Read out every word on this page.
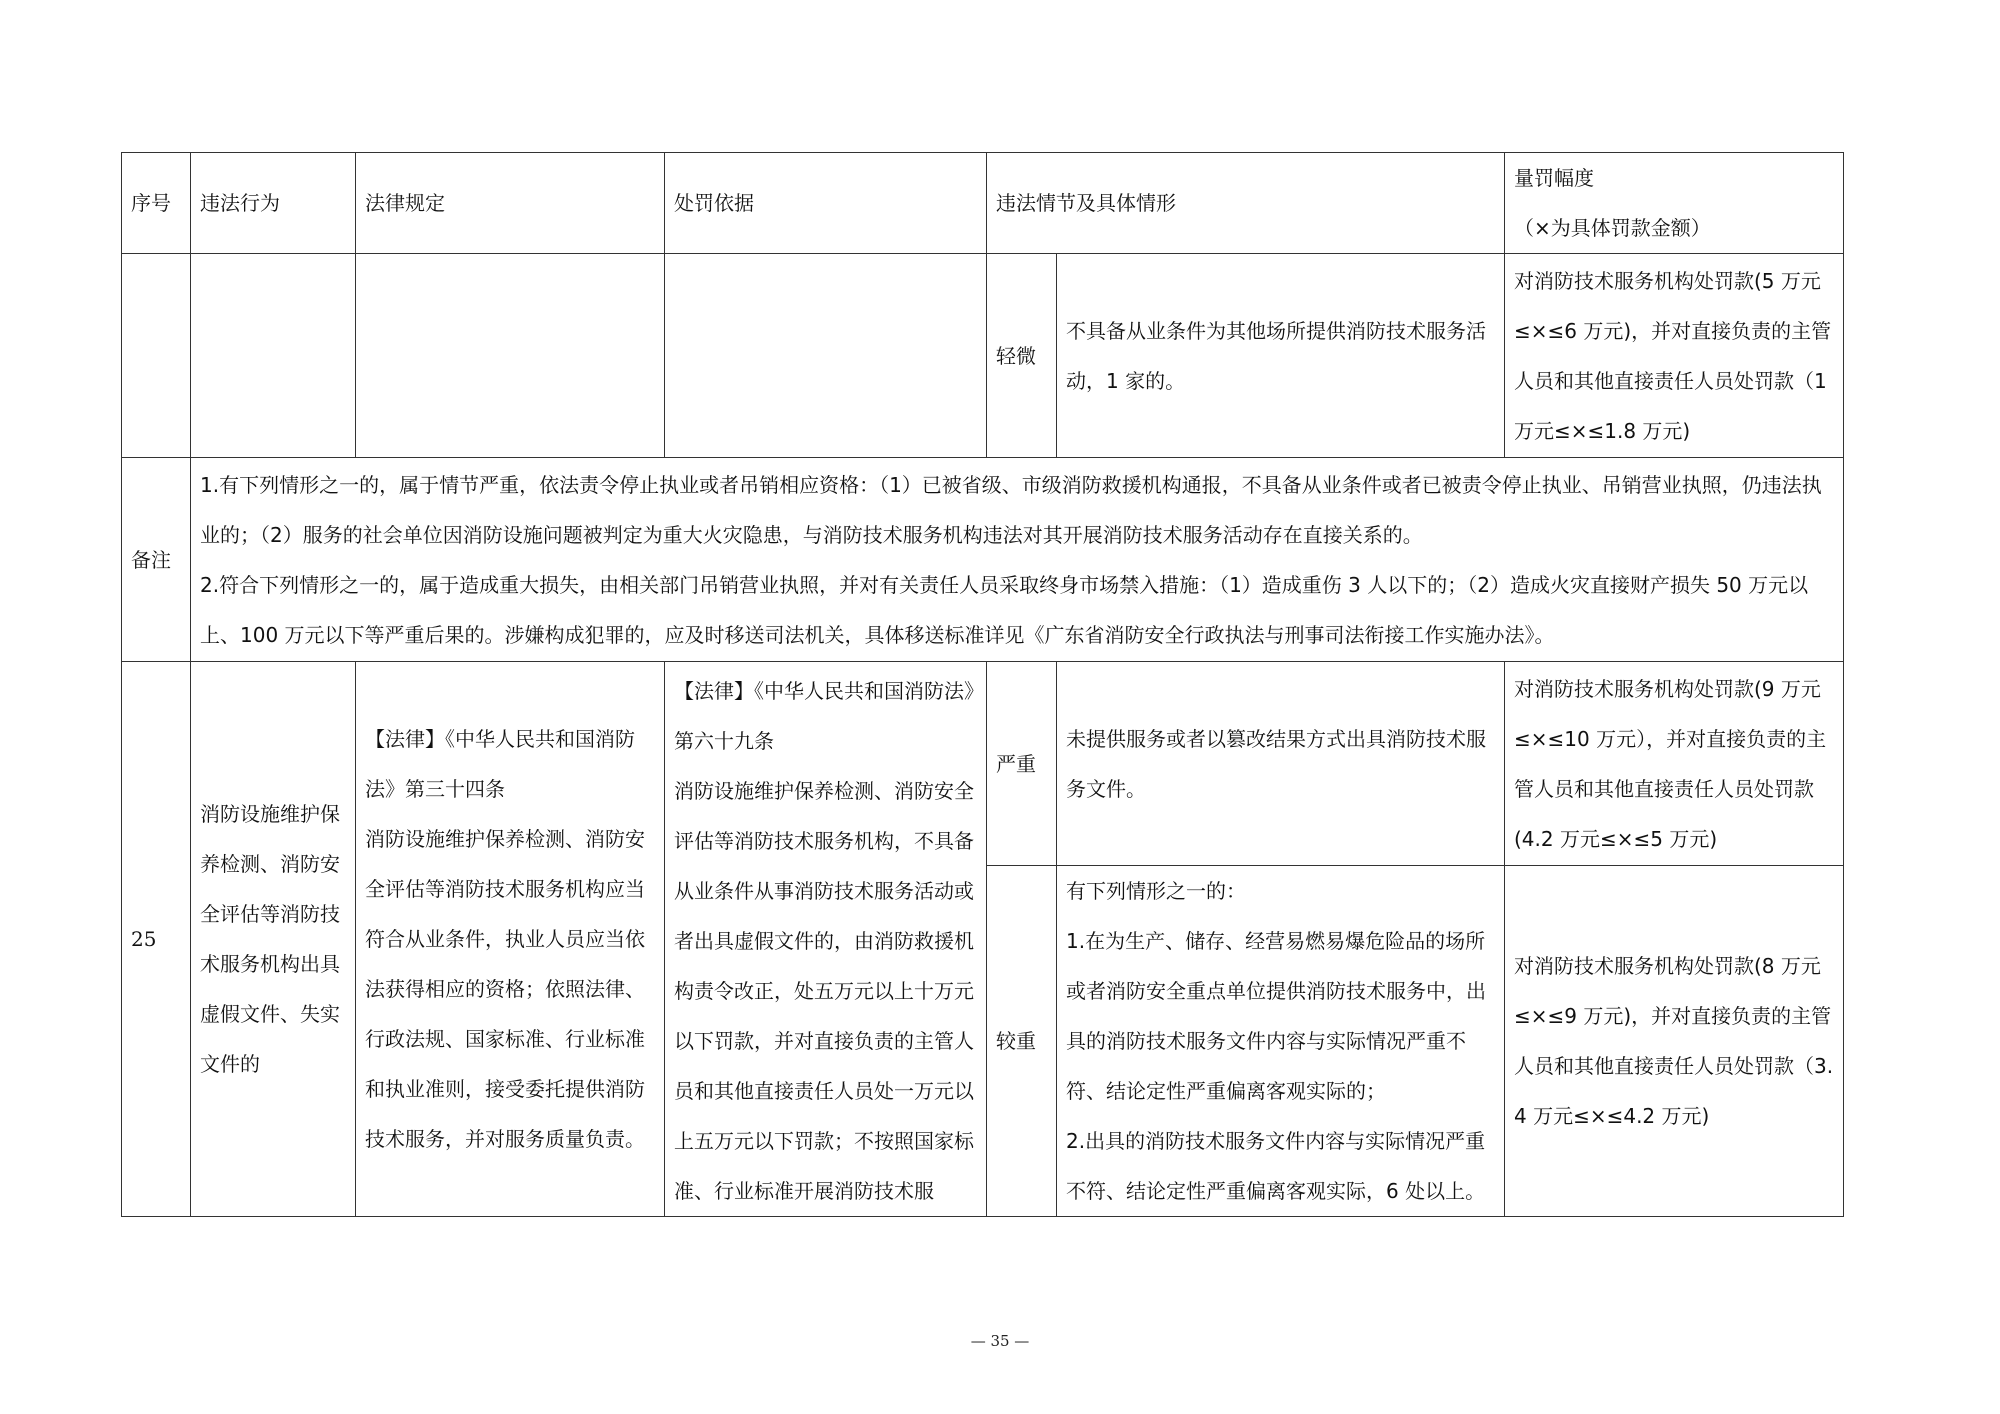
序号	违法行为	法律规定	处罚依据	违法情节及具体情形		量罚幅度
（×为具体罚款金额）

				轻微	不具备从业条件为其他场所提供消防技术服务活动，1 家的。	对消防技术服务机构处罚款(5 万元≤×≤6 万元)，并对直接负责的主管人员和其他直接责任人员处罚款（1 万元≤×≤1.8 万元)
备注	1.有下列情形之一的，属于情节严重，依法责令停止执业或者吊销相应资格：（1）已被省级、市级消防救援机构通报，不具备从业条件或者已被责令停止执业、吊销营业执照，仍违法执业的；（2）服务的社会单位因消防设施问题被判定为重大火灾隐患，与消防技术服务机构违法对其开展消防技术服务活动存在直接关系的。
2.符合下列情形之一的，属于造成重大损失，由相关部门吊销营业执照，并对有关责任人员采取终身市场禁入措施：（1）造成重伤 3 人以下的；（2）造成火灾直接财产损失 50 万元以上、100 万元以下等严重后果的。涉嫌构成犯罪的，应及时移送司法机关，具体移送标准详见《广东省消防安全行政执法与刑事司法衔接工作实施办法》。					

25	消防设施维护保养检测、消防安全评估等消防技术服务机构出具虚假文件、失实文件的	【法律】《中华人民共和国消防法》第三十四条
消防设施维护保养检测、消防安全评估等消防技术服务机构应当符合从业条件，执业人员应当依法获得相应的资格；依照法律、行政法规、国家标准、行业标准和执业准则，接受委托提供消防技术服务，并对服务质量负责。	【法律】《中华人民共和国消防法》第六十九条
消防设施维护保养检测、消防安全评估等消防技术服务机构，不具备从业条件从事消防技术服务活动或者出具虚假文件的，由消防救援机构责令改正，处五万元以上十万元以下罚款，并对直接负责的主管人员和其他直接责任人员处一万元以上五万元以下罚款；不按照国家标准、行业标准开展消防技术服	严重	未提供服务或者以篡改结果方式出具消防技术服务文件。	对消防技术服务机构处罚款(9 万元≤×≤10 万元），并对直接负责的主管人员和其他直接责任人员处罚款 (4.2 万元≤×≤5 万元)
				较重	有下列情形之一的：
1.在为生产、储存、经营易燃易爆危险品的场所或者消防安全重点单位提供消防技术服务中，出具的消防技术服务文件内容与实际情况严重不符、结论定性严重偏离客观实际的；
2.出具的消防技术服务文件内容与实际情况严重不符、结论定性严重偏离客观实际，6 处以上。	对消防技术服务机构处罚款(8 万元≤×≤9 万元)，并对直接负责的主管人员和其他直接责任人员处罚款（3.4 万元≤×≤4.2 万元)
— 35 —
